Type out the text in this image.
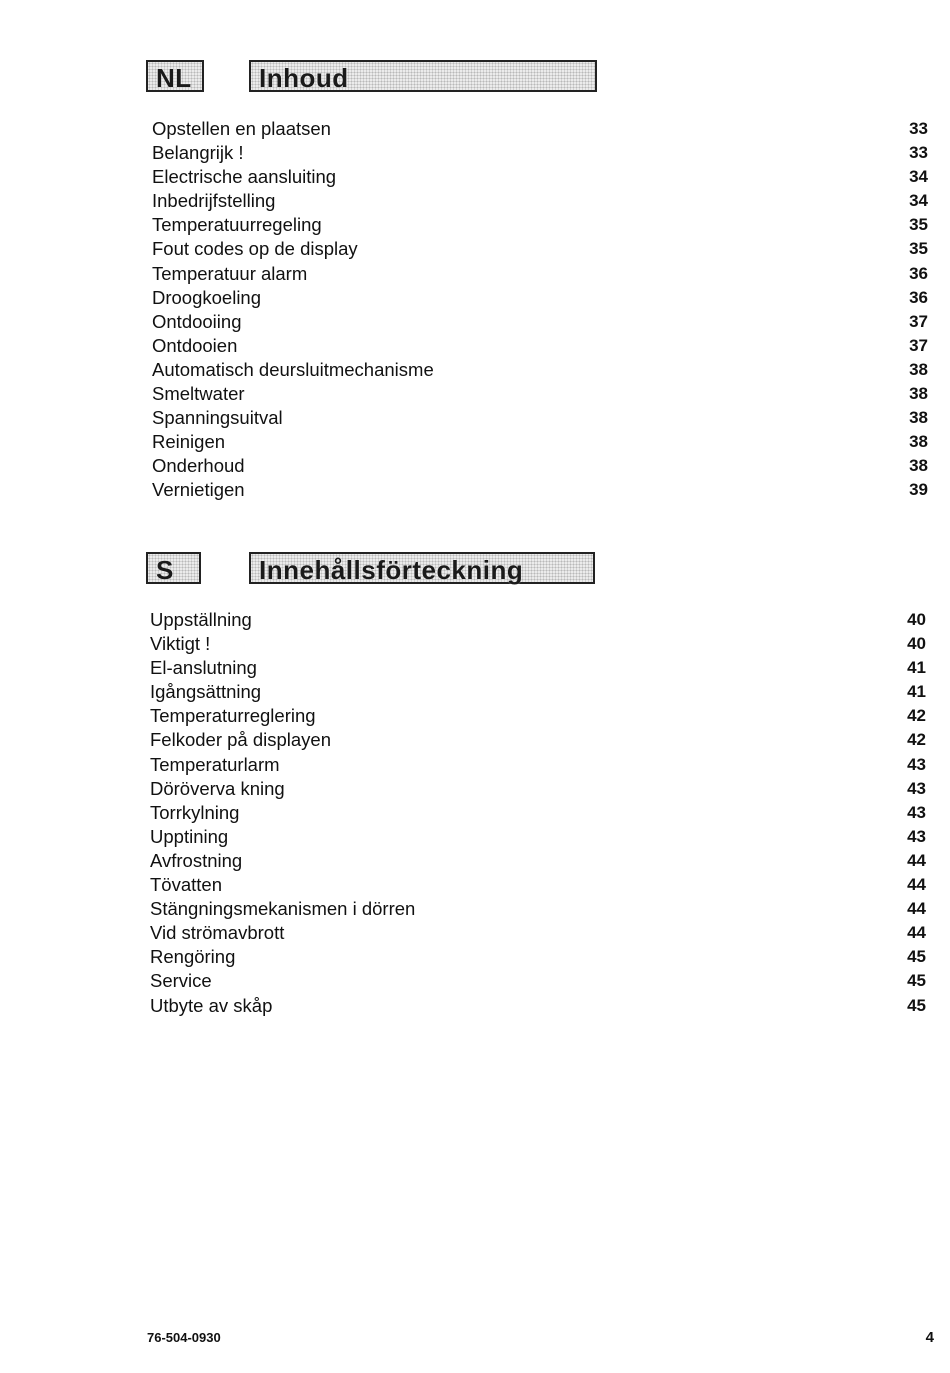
NL	Inhoud
Opstellen en plaatsen	33
Belangrijk !	33
Electrische aansluiting	34
Inbedrijfstelling	34
Temperatuurregeling	35
Fout codes op de display	35
Temperatuur alarm	36
Droogkoeling	36
Ontdooiing	37
Ontdooien	37
Automatisch deursluitmechanisme	38
Smeltwater	38
Spanningsuitval	38
Reinigen	38
Onderhoud	38
Vernietigen	39
S	Innehållsförteckning
Uppställning	40
Viktigt !	40
El-anslutning	41
Igångsättning	41
Temperaturreglering	42
Felkoder på displayen	42
Temperaturlarm	43
Döröverva kning	43
Torrkylning	43
Upptining	43
Avfrostning	44
Tövatten	44
Stängningsmekanismen i dörren	44
Vid strömavbrott	44
Rengöring	45
Service	45
Utbyte av skåp	45
76-504-0930	4
